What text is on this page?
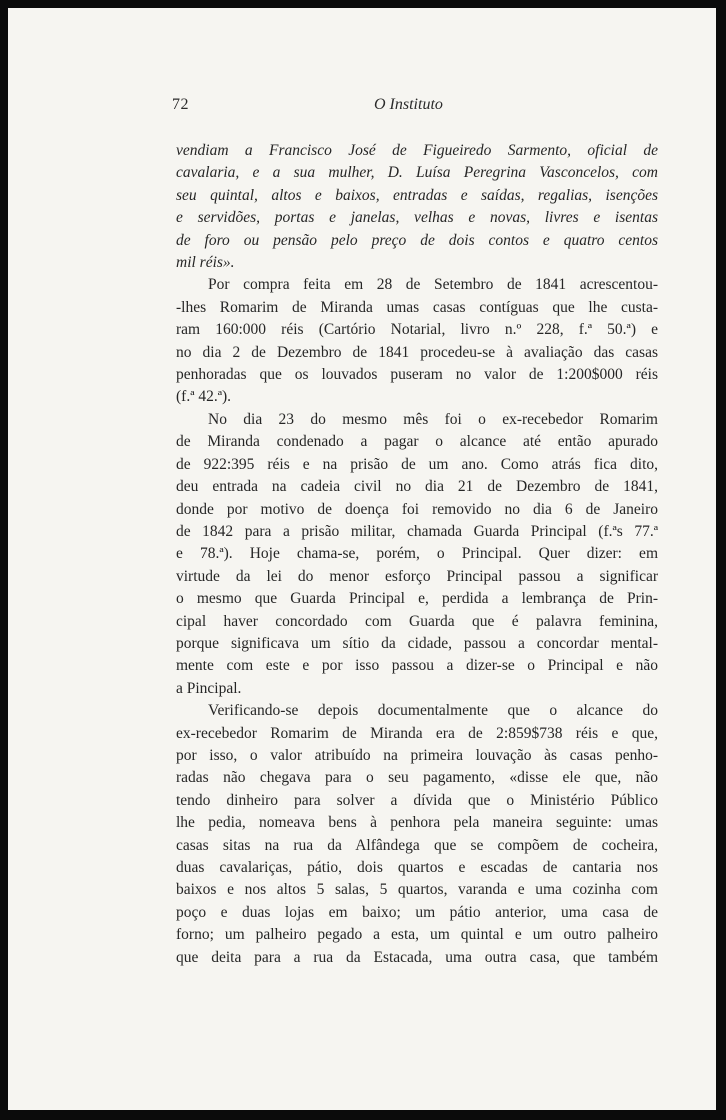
72	O Instituto
vendiam a Francisco José de Figueiredo Sarmento, oficial de
cavalaria, e a sua mulher, D. Luísa Peregrina Vasconcelos, com
seu quintal, altos e baixos, entradas e saídas, regalias, isenções
e servidões, portas e janelas, velhas e novas, livres e isentas
de foro ou pensão pelo preço de dois contos e quatro centos
mil réis».
Por compra feita em 28 de Setembro de 1841 acrescentou-
-lhes Romarim de Miranda umas casas contíguas que lhe custa-
ram 160:000 réis (Cartório Notarial, livro n.º 228, f.ª 50.ª) e
no dia 2 de Dezembro de 1841 procedeu-se à avaliação das casas
penhoradas que os louvados puseram no valor de 1:200$000 réis
(f.ª 42.ª).
No dia 23 do mesmo mês foi o ex-recebedor Romarim
de Miranda condenado a pagar o alcance até então apurado
de 922:395 réis e na prisão de um ano. Como atrás fica dito,
deu entrada na cadeia civil no dia 21 de Dezembro de 1841,
donde por motivo de doença foi removido no dia 6 de Janeiro
de 1842 para a prisão militar, chamada Guarda Principal (f.ªs 77.ª
e 78.ª). Hoje chama-se, porém, o Principal. Quer dizer: em
virtude da lei do menor esforço Principal passou a significar
o mesmo que Guarda Principal e, perdida a lembrança de Prin-
cipal haver concordado com Guarda que é palavra feminina,
porque significava um sítio da cidade, passou a concordar mental-
mente com este e por isso passou a dizer-se o Principal e não
a Pincipal.
Verificando-se depois documentalmente que o alcance do
ex-recebedor Romarim de Miranda era de 2:859$738 réis e que,
por isso, o valor atribuído na primeira louvação às casas penho-
radas não chegava para o seu pagamento, «disse ele que, não
tendo dinheiro para solver a dívida que o Ministério Público
lhe pedia, nomeava bens à penhora pela maneira seguinte: umas
casas sitas na rua da Alfândega que se compõem de cocheira,
duas cavalariças, pátio, dois quartos e escadas de cantaria nos
baixos e nos altos 5 salas, 5 quartos, varanda e uma cozinha com
poço e duas lojas em baixo; um pátio anterior, uma casa de
forno; um palheiro pegado a esta, um quintal e um outro palheiro
que deita para a rua da Estacada, uma outra casa, que também
